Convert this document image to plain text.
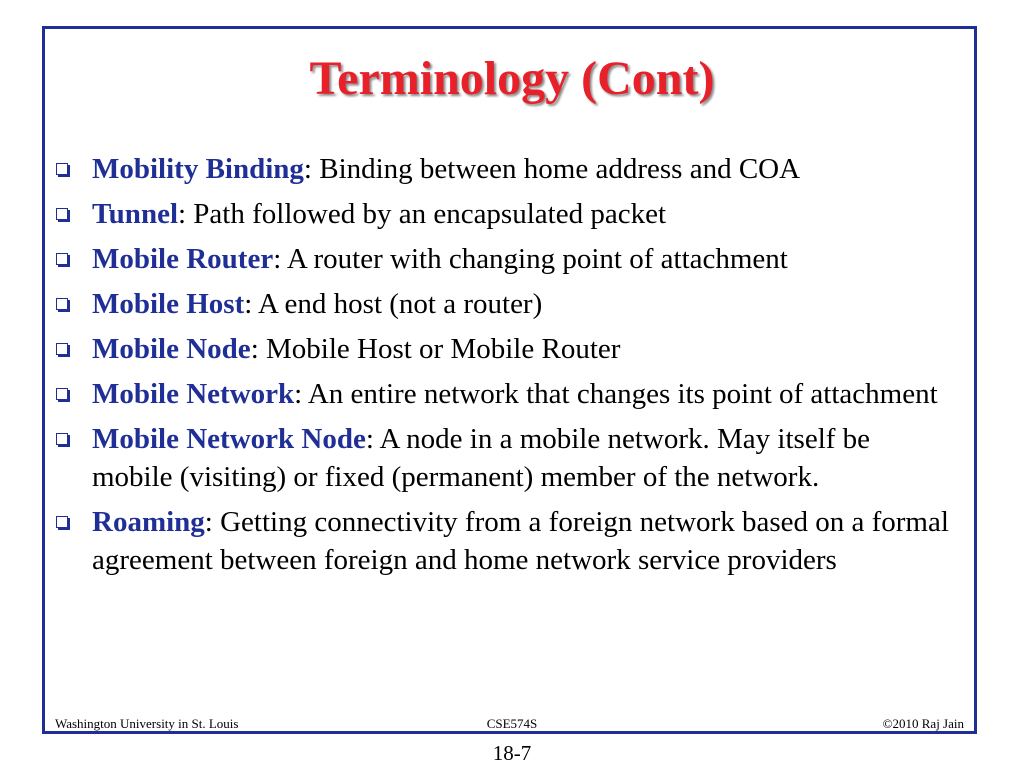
Terminology (Cont)
Mobility Binding: Binding between home address and COA
Tunnel: Path followed by an encapsulated packet
Mobile Router: A router with changing point of attachment
Mobile Host: A end host (not a router)
Mobile Node: Mobile Host or Mobile Router
Mobile Network: An entire network that changes its point of attachment
Mobile Network Node: A node in a mobile network. May itself be mobile (visiting) or fixed (permanent) member of the network.
Roaming: Getting connectivity from a foreign network based on a formal agreement between foreign and home network service providers
Washington University in St. Louis	CSE574S	©2010 Raj Jain
18-7
